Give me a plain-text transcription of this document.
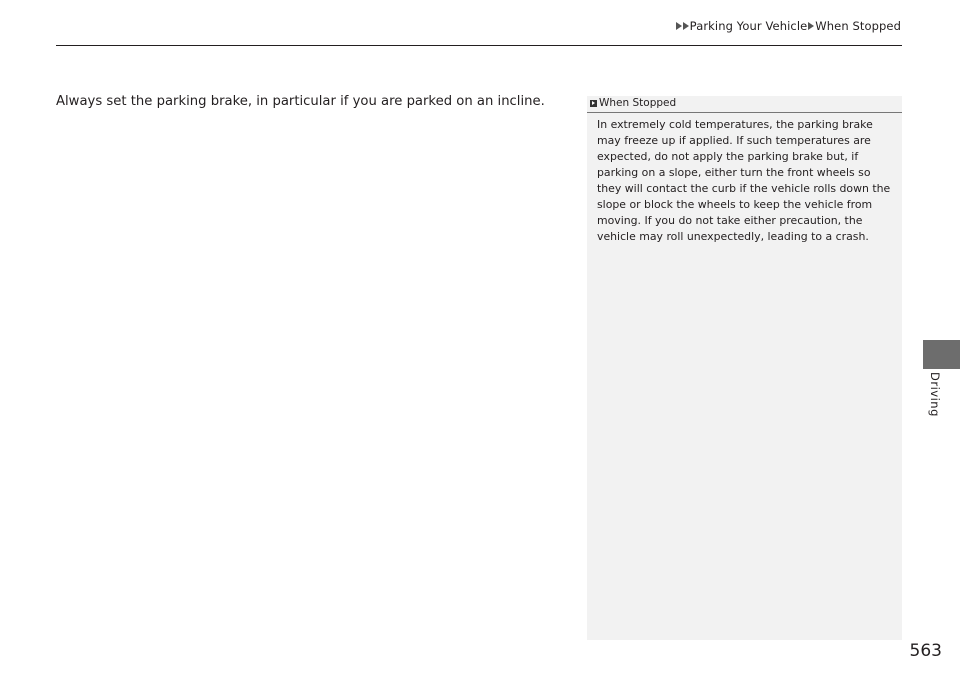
Parking Your Vehicle When Stopped
Always set the parking brake, in particular if you are parked on an incline.	When Stopped
In extremely cold temperatures, the parking brake may freeze up if applied. If such temperatures are expected, do not apply the parking brake but, if parking on a slope, either turn the front wheels so they will contact the curb if the vehicle rolls down the slope or block the wheels to keep the vehicle from moving. If you do not take either precaution, the vehicle may roll unexpectedly, leading to a crash.
Driving
563
